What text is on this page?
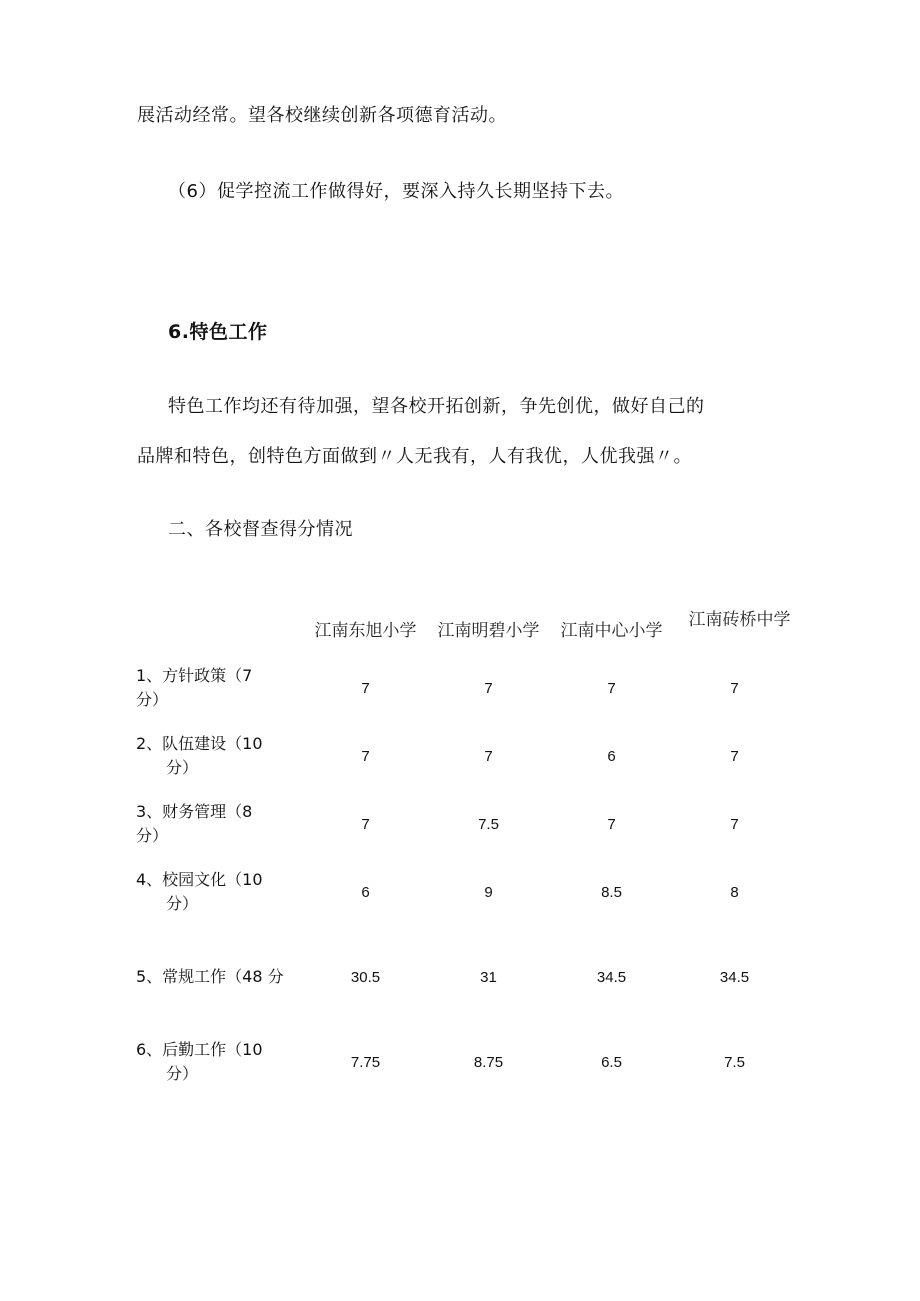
展活动经常。望各校继续创新各项德育活动。
（6）促学控流工作做得好，要深入持久长期坚持下去。
6.特色工作
特色工作均还有待加强，望各校开拓创新，争先创优，做好自己的
品牌和特色，创特色方面做到〃人无我有，人有我优，人优我强〃。
二、各校督查得分情况
	江南东旭小学	江南明碧小学	江南中心小学	江南砖桥中学
1、方针政策（7
分）	7	7	7	7
2、队伍建设（10
分）	7	7	6	7
3、财务管理（8
分）	7	7.5	7	7
4、校园文化（10
分）	6	9	8.5	8
5、常规工作（48 分	30.5	31	34.5	34.5
6、后勤工作（10
分）	7.75	8.75	6.5	7.5
